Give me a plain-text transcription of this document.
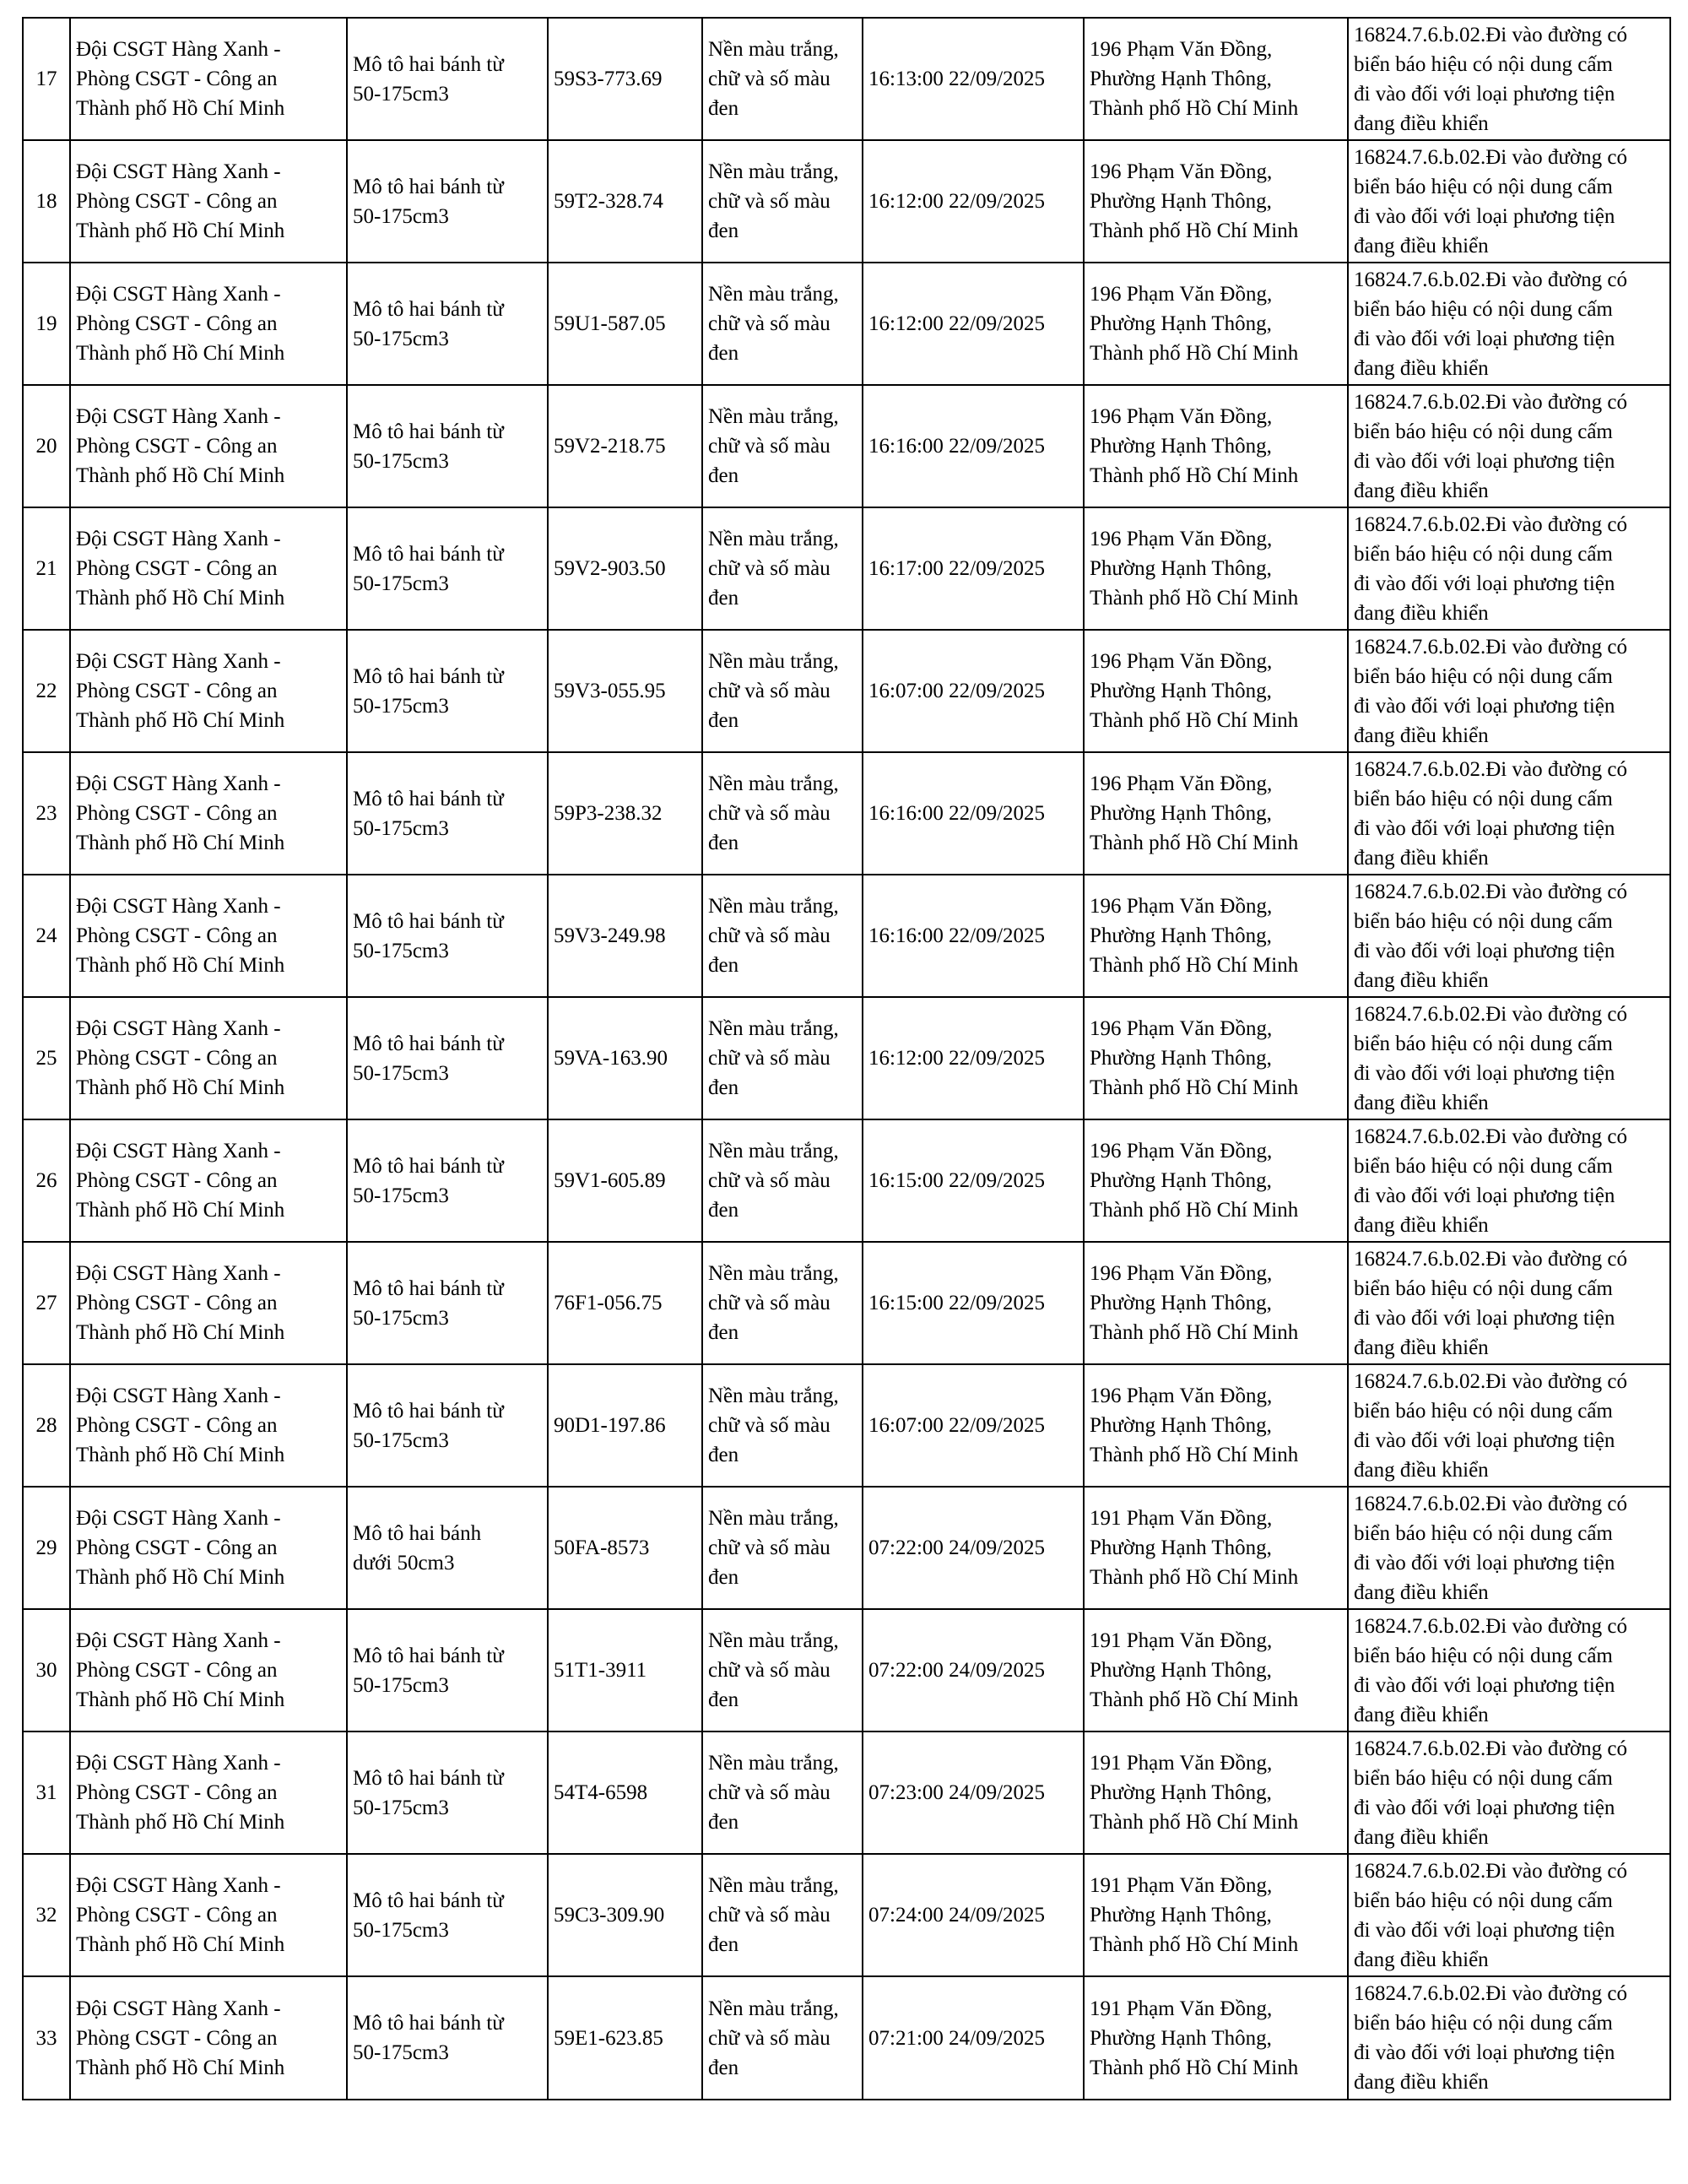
17	Đội CSGT Hàng Xanh -
Phòng CSGT - Công an
Thành phố Hồ Chí Minh	Mô tô hai bánh từ
50-175cm3	59S3-773.69	Nền màu trắng,
chữ và số màu
đen	16:13:00 22/09/2025	196 Phạm Văn Đồng,
Phường Hạnh Thông,
Thành phố Hồ Chí Minh	16824.7.6.b.02.Đi vào đường có
biển báo hiệu có nội dung cấm
đi vào đối với loại phương tiện
đang điều khiển

18	Đội CSGT Hàng Xanh -
Phòng CSGT - Công an
Thành phố Hồ Chí Minh	Mô tô hai bánh từ
50-175cm3	59T2-328.74	Nền màu trắng,
chữ và số màu
đen	16:12:00 22/09/2025	196 Phạm Văn Đồng,
Phường Hạnh Thông,
Thành phố Hồ Chí Minh	16824.7.6.b.02.Đi vào đường có
biển báo hiệu có nội dung cấm
đi vào đối với loại phương tiện
đang điều khiển

19	Đội CSGT Hàng Xanh -
Phòng CSGT - Công an
Thành phố Hồ Chí Minh	Mô tô hai bánh từ
50-175cm3	59U1-587.05	Nền màu trắng,
chữ và số màu
đen	16:12:00 22/09/2025	196 Phạm Văn Đồng,
Phường Hạnh Thông,
Thành phố Hồ Chí Minh	16824.7.6.b.02.Đi vào đường có
biển báo hiệu có nội dung cấm
đi vào đối với loại phương tiện
đang điều khiển

20	Đội CSGT Hàng Xanh -
Phòng CSGT - Công an
Thành phố Hồ Chí Minh	Mô tô hai bánh từ
50-175cm3	59V2-218.75	Nền màu trắng,
chữ và số màu
đen	16:16:00 22/09/2025	196 Phạm Văn Đồng,
Phường Hạnh Thông,
Thành phố Hồ Chí Minh	16824.7.6.b.02.Đi vào đường có
biển báo hiệu có nội dung cấm
đi vào đối với loại phương tiện
đang điều khiển

21	Đội CSGT Hàng Xanh -
Phòng CSGT - Công an
Thành phố Hồ Chí Minh	Mô tô hai bánh từ
50-175cm3	59V2-903.50	Nền màu trắng,
chữ và số màu
đen	16:17:00 22/09/2025	196 Phạm Văn Đồng,
Phường Hạnh Thông,
Thành phố Hồ Chí Minh	16824.7.6.b.02.Đi vào đường có
biển báo hiệu có nội dung cấm
đi vào đối với loại phương tiện
đang điều khiển

22	Đội CSGT Hàng Xanh -
Phòng CSGT - Công an
Thành phố Hồ Chí Minh	Mô tô hai bánh từ
50-175cm3	59V3-055.95	Nền màu trắng,
chữ và số màu
đen	16:07:00 22/09/2025	196 Phạm Văn Đồng,
Phường Hạnh Thông,
Thành phố Hồ Chí Minh	16824.7.6.b.02.Đi vào đường có
biển báo hiệu có nội dung cấm
đi vào đối với loại phương tiện
đang điều khiển

23	Đội CSGT Hàng Xanh -
Phòng CSGT - Công an
Thành phố Hồ Chí Minh	Mô tô hai bánh từ
50-175cm3	59P3-238.32	Nền màu trắng,
chữ và số màu
đen	16:16:00 22/09/2025	196 Phạm Văn Đồng,
Phường Hạnh Thông,
Thành phố Hồ Chí Minh	16824.7.6.b.02.Đi vào đường có
biển báo hiệu có nội dung cấm
đi vào đối với loại phương tiện
đang điều khiển

24	Đội CSGT Hàng Xanh -
Phòng CSGT - Công an
Thành phố Hồ Chí Minh	Mô tô hai bánh từ
50-175cm3	59V3-249.98	Nền màu trắng,
chữ và số màu
đen	16:16:00 22/09/2025	196 Phạm Văn Đồng,
Phường Hạnh Thông,
Thành phố Hồ Chí Minh	16824.7.6.b.02.Đi vào đường có
biển báo hiệu có nội dung cấm
đi vào đối với loại phương tiện
đang điều khiển

25	Đội CSGT Hàng Xanh -
Phòng CSGT - Công an
Thành phố Hồ Chí Minh	Mô tô hai bánh từ
50-175cm3	59VA-163.90	Nền màu trắng,
chữ và số màu
đen	16:12:00 22/09/2025	196 Phạm Văn Đồng,
Phường Hạnh Thông,
Thành phố Hồ Chí Minh	16824.7.6.b.02.Đi vào đường có
biển báo hiệu có nội dung cấm
đi vào đối với loại phương tiện
đang điều khiển

26	Đội CSGT Hàng Xanh -
Phòng CSGT - Công an
Thành phố Hồ Chí Minh	Mô tô hai bánh từ
50-175cm3	59V1-605.89	Nền màu trắng,
chữ và số màu
đen	16:15:00 22/09/2025	196 Phạm Văn Đồng,
Phường Hạnh Thông,
Thành phố Hồ Chí Minh	16824.7.6.b.02.Đi vào đường có
biển báo hiệu có nội dung cấm
đi vào đối với loại phương tiện
đang điều khiển

27	Đội CSGT Hàng Xanh -
Phòng CSGT - Công an
Thành phố Hồ Chí Minh	Mô tô hai bánh từ
50-175cm3	76F1-056.75	Nền màu trắng,
chữ và số màu
đen	16:15:00 22/09/2025	196 Phạm Văn Đồng,
Phường Hạnh Thông,
Thành phố Hồ Chí Minh	16824.7.6.b.02.Đi vào đường có
biển báo hiệu có nội dung cấm
đi vào đối với loại phương tiện
đang điều khiển

28	Đội CSGT Hàng Xanh -
Phòng CSGT - Công an
Thành phố Hồ Chí Minh	Mô tô hai bánh từ
50-175cm3	90D1-197.86	Nền màu trắng,
chữ và số màu
đen	16:07:00 22/09/2025	196 Phạm Văn Đồng,
Phường Hạnh Thông,
Thành phố Hồ Chí Minh	16824.7.6.b.02.Đi vào đường có
biển báo hiệu có nội dung cấm
đi vào đối với loại phương tiện
đang điều khiển

29	Đội CSGT Hàng Xanh -
Phòng CSGT - Công an
Thành phố Hồ Chí Minh	Mô tô hai bánh
dưới 50cm3	50FA-8573	Nền màu trắng,
chữ và số màu
đen	07:22:00 24/09/2025	191 Phạm Văn Đồng,
Phường Hạnh Thông,
Thành phố Hồ Chí Minh	16824.7.6.b.02.Đi vào đường có
biển báo hiệu có nội dung cấm
đi vào đối với loại phương tiện
đang điều khiển

30	Đội CSGT Hàng Xanh -
Phòng CSGT - Công an
Thành phố Hồ Chí Minh	Mô tô hai bánh từ
50-175cm3	51T1-3911	Nền màu trắng,
chữ và số màu
đen	07:22:00 24/09/2025	191 Phạm Văn Đồng,
Phường Hạnh Thông,
Thành phố Hồ Chí Minh	16824.7.6.b.02.Đi vào đường có
biển báo hiệu có nội dung cấm
đi vào đối với loại phương tiện
đang điều khiển

31	Đội CSGT Hàng Xanh -
Phòng CSGT - Công an
Thành phố Hồ Chí Minh	Mô tô hai bánh từ
50-175cm3	54T4-6598	Nền màu trắng,
chữ và số màu
đen	07:23:00 24/09/2025	191 Phạm Văn Đồng,
Phường Hạnh Thông,
Thành phố Hồ Chí Minh	16824.7.6.b.02.Đi vào đường có
biển báo hiệu có nội dung cấm
đi vào đối với loại phương tiện
đang điều khiển

32	Đội CSGT Hàng Xanh -
Phòng CSGT - Công an
Thành phố Hồ Chí Minh	Mô tô hai bánh từ
50-175cm3	59C3-309.90	Nền màu trắng,
chữ và số màu
đen	07:24:00 24/09/2025	191 Phạm Văn Đồng,
Phường Hạnh Thông,
Thành phố Hồ Chí Minh	16824.7.6.b.02.Đi vào đường có
biển báo hiệu có nội dung cấm
đi vào đối với loại phương tiện
đang điều khiển

33	Đội CSGT Hàng Xanh -
Phòng CSGT - Công an
Thành phố Hồ Chí Minh	Mô tô hai bánh từ
50-175cm3	59E1-623.85	Nền màu trắng,
chữ và số màu
đen	07:21:00 24/09/2025	191 Phạm Văn Đồng,
Phường Hạnh Thông,
Thành phố Hồ Chí Minh	16824.7.6.b.02.Đi vào đường có
biển báo hiệu có nội dung cấm
đi vào đối với loại phương tiện
đang điều khiển
